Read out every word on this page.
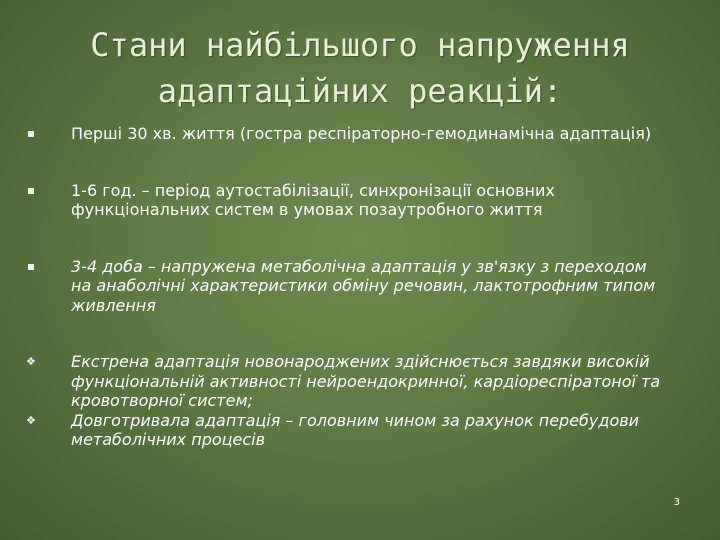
Стани найбільшого напруження
адаптаційних реакцій:
Перші 30 хв. життя (гостра респіраторно-гемодинамічна адаптація)
1-6 год. – період аутостабілізації, синхронізації основних функціональних систем в умовах позаутробного життя
3-4 доба – напружена метаболічна адаптація у зв'язку з переходом на анаболічні характеристики обміну речовин, лактотрофним типом живлення
❖ Екстрена адаптація новонароджених здійснюється завдяки високій функціональній активності нейроендокринної, кардіореспіратоної та кровотворної систем;
❖ Довготривала адаптація – головним чином за рахунок перебудови метаболічних процесів
3
